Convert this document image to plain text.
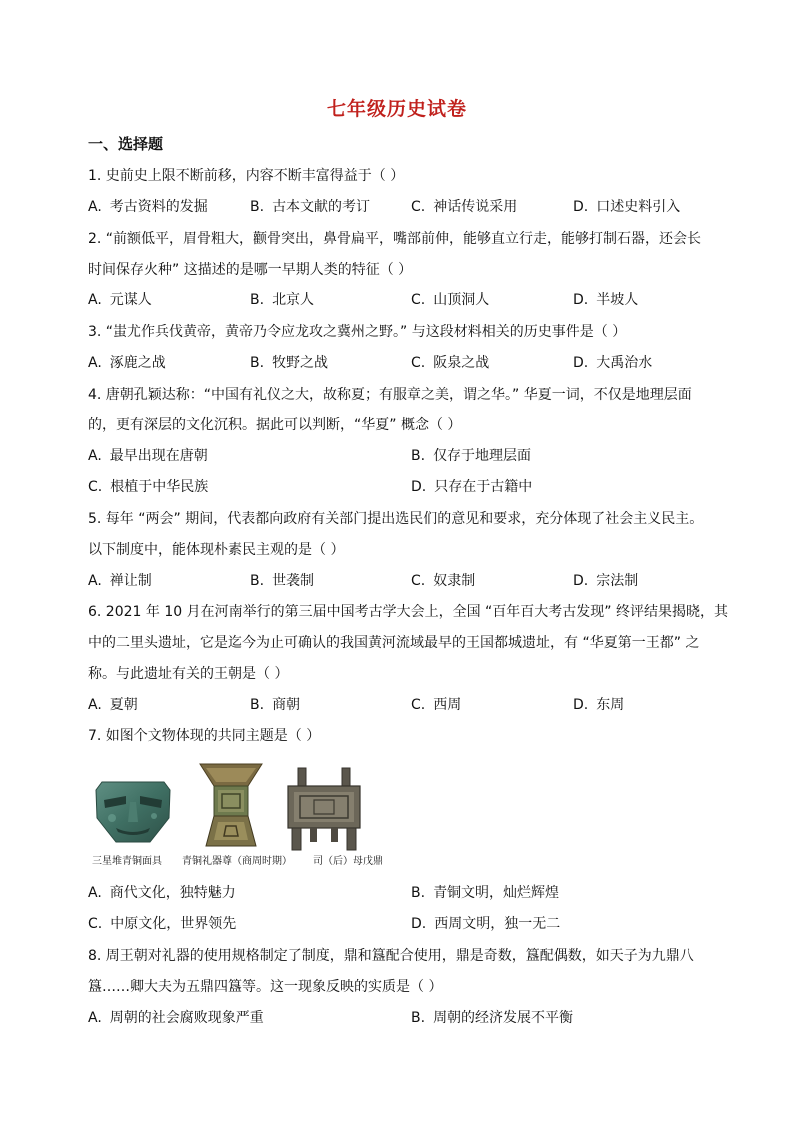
七年级历史试卷
一、选择题
1. 史前史上限不断前移，内容不断丰富得益于（ ）
A. 考古资料的发掘	B. 古本文献的考订	C. 神话传说采用	D. 口述史料引入
2. “前额低平，眉骨粗大，颧骨突出，鼻骨扁平，嘴部前伸，能够直立行走，能够打制石器，还会长
时间保存火种” 这描述的是哪一早期人类的特征（ ）
A. 元谋人	B. 北京人	C. 山顶洞人	D. 半坡人
3. “蚩尤作兵伐黄帝，黄帝乃令应龙攻之冀州之野。” 与这段材料相关的历史事件是（ ）
A. 涿鹿之战	B. 牧野之战	C. 阪泉之战	D. 大禹治水
4. 唐朝孔颖达称：“中国有礼仪之大，故称夏；有服章之美，谓之华。” 华夏一词，不仅是地理层面
的，更有深层的文化沉积。据此可以判断，“华夏” 概念（ ）
A. 最早出现在唐朝	B. 仅存于地理层面
C. 根植于中华民族	D. 只存在于古籍中
5. 每年 “两会” 期间，代表都向政府有关部门提出选民们的意见和要求，充分体现了社会主义民主。
以下制度中，能体现朴素民主观的是（ ）
A. 禅让制	B. 世袭制	C. 奴隶制	D. 宗法制
6. 2021 年 10 月在河南举行的第三届中国考古学大会上，全国 “百年百大考古发现” 终评结果揭晓，其
中的二里头遗址，它是迄今为止可确认的我国黄河流域最早的王国都城遗址，有 “华夏第一王都” 之
称。与此遗址有关的王朝是（ ）
A. 夏朝	B. 商朝	C. 西周	D. 东周
7. 如图个文物体现的共同主题是（ ）
三星堆青铜面具 青铜礼器尊（商周时期） 司（后）母戊鼎
A. 商代文化，独特魅力	B. 青铜文明，灿烂辉煌
C. 中原文化，世界领先	D. 西周文明，独一无二
8. 周王朝对礼器的使用规格制定了制度，鼎和簋配合使用，鼎是奇数，簋配偶数，如天子为九鼎八
簋……卿大夫为五鼎四簋等。这一现象反映的实质是（ ）
A. 周朝的社会腐败现象严重	B. 周朝的经济发展不平衡
